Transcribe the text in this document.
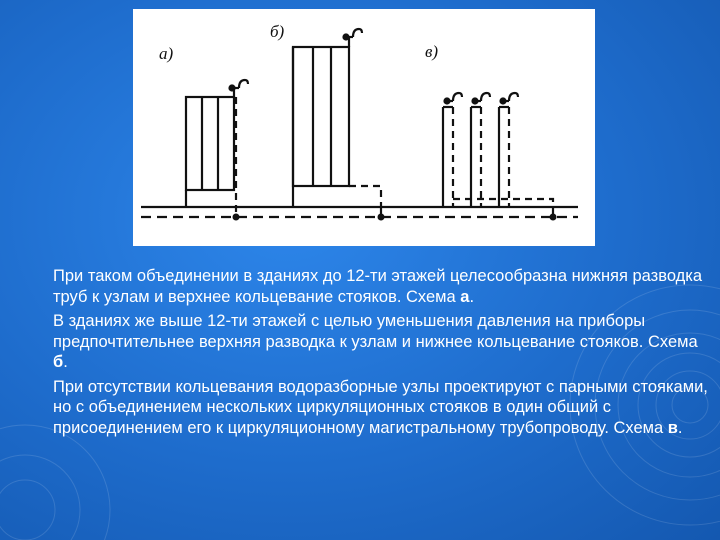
а)
б)
в)

При таком объединении в зданиях до 12-ти этажей целесообразна нижняя разводка труб к узлам и верхнее кольцевание стояков. Схема а.

В зданиях же выше 12-ти этажей с целью уменьшения давления на приборы предпочтительнее верхняя разводка к узлам и нижнее кольцевание стояков. Схема б.

При отсутствии кольцевания водоразборные узлы проектируют с парными стояками, но с объединением нескольких циркуляционных стояков в один общий с присоединением его к циркуляционному магистральному трубопроводу. Схема в.
